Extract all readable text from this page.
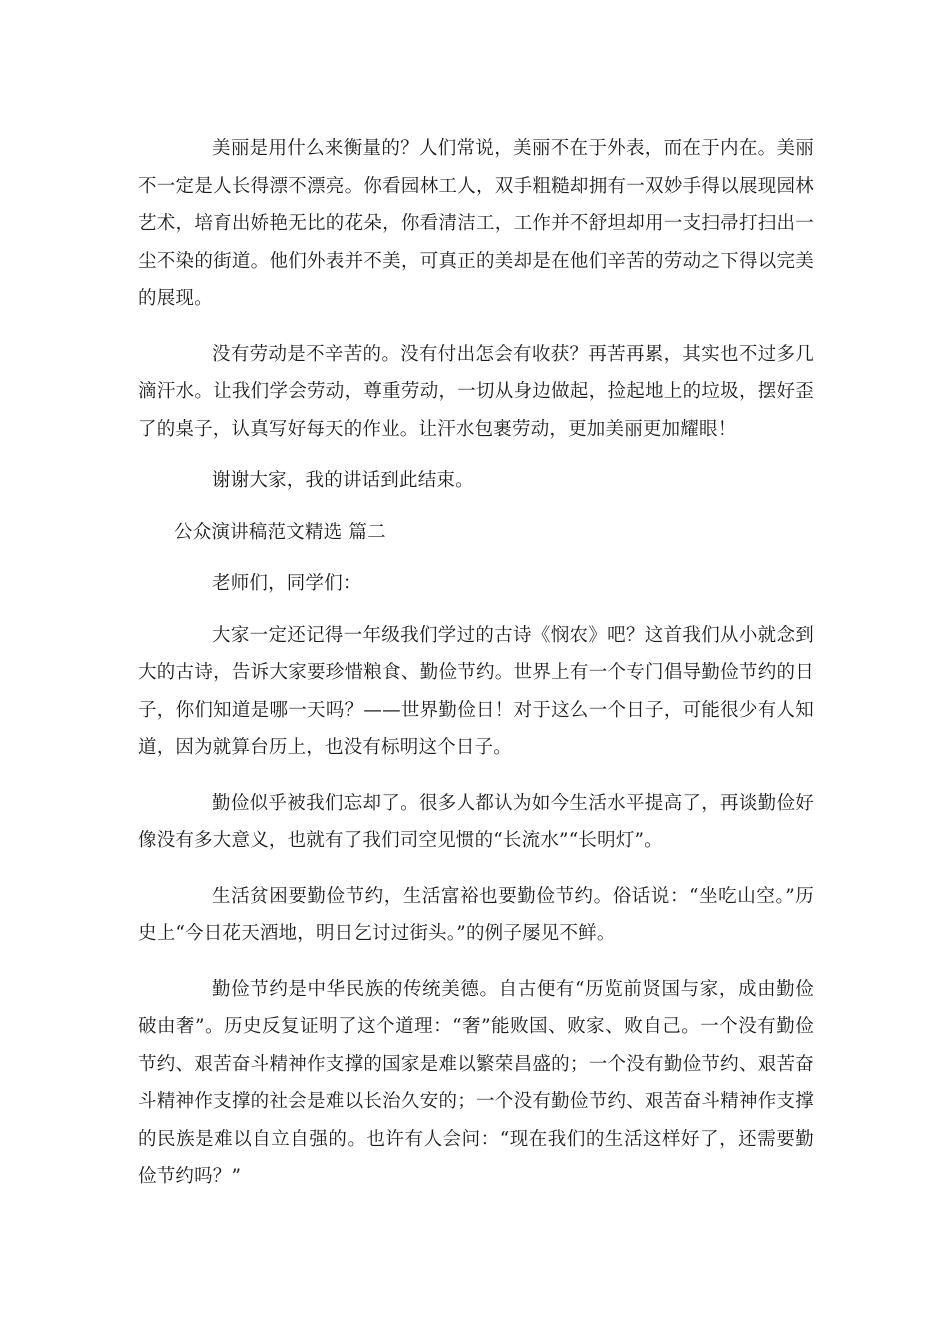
美丽是用什么来衡量的？人们常说，美丽不在于外表，而在于内在。美丽不一定是人长得漂不漂亮。你看园林工人，双手粗糙却拥有一双妙手得以展现园林艺术，培育出娇艳无比的花朵，你看清洁工，工作并不舒坦却用一支扫帚打扫出一尘不染的街道。他们外表并不美，可真正的美却是在他们辛苦的劳动之下得以完美的展现。

没有劳动是不辛苦的。没有付出怎会有收获？再苦再累，其实也不过多几滴汗水。让我们学会劳动，尊重劳动，一切从身边做起，捡起地上的垃圾，摆好歪了的桌子，认真写好每天的作业。让汗水包裹劳动，更加美丽更加耀眼！

谢谢大家，我的讲话到此结束。

公众演讲稿范文精选 篇二

老师们，同学们：

大家一定还记得一年级我们学过的古诗《悯农》吧？这首我们从小就念到大的古诗，告诉大家要珍惜粮食、勤俭节约。世界上有一个专门倡导勤俭节约的日子，你们知道是哪一天吗？——世界勤俭日！对于这么一个日子，可能很少有人知道，因为就算台历上，也没有标明这个日子。

勤俭似乎被我们忘却了。很多人都认为如今生活水平提高了，再谈勤俭好像没有多大意义，也就有了我们司空见惯的“长流水”“长明灯”。

生活贫困要勤俭节约，生活富裕也要勤俭节约。俗话说：“坐吃山空。”历史上“今日花天酒地，明日乞讨过街头。”的例子屡见不鲜。

勤俭节约是中华民族的传统美德。自古便有“历览前贤国与家，成由勤俭破由奢”。历史反复证明了这个道理：“奢”能败国、败家、败自己。一个没有勤俭节约、艰苦奋斗精神作支撑的国家是难以繁荣昌盛的；一个没有勤俭节约、艰苦奋斗精神作支撑的社会是难以长治久安的；一个没有勤俭节约、艰苦奋斗精神作支撑的民族是难以自立自强的。也许有人会问：“现在我们的生活这样好了，还需要勤俭节约吗？”
